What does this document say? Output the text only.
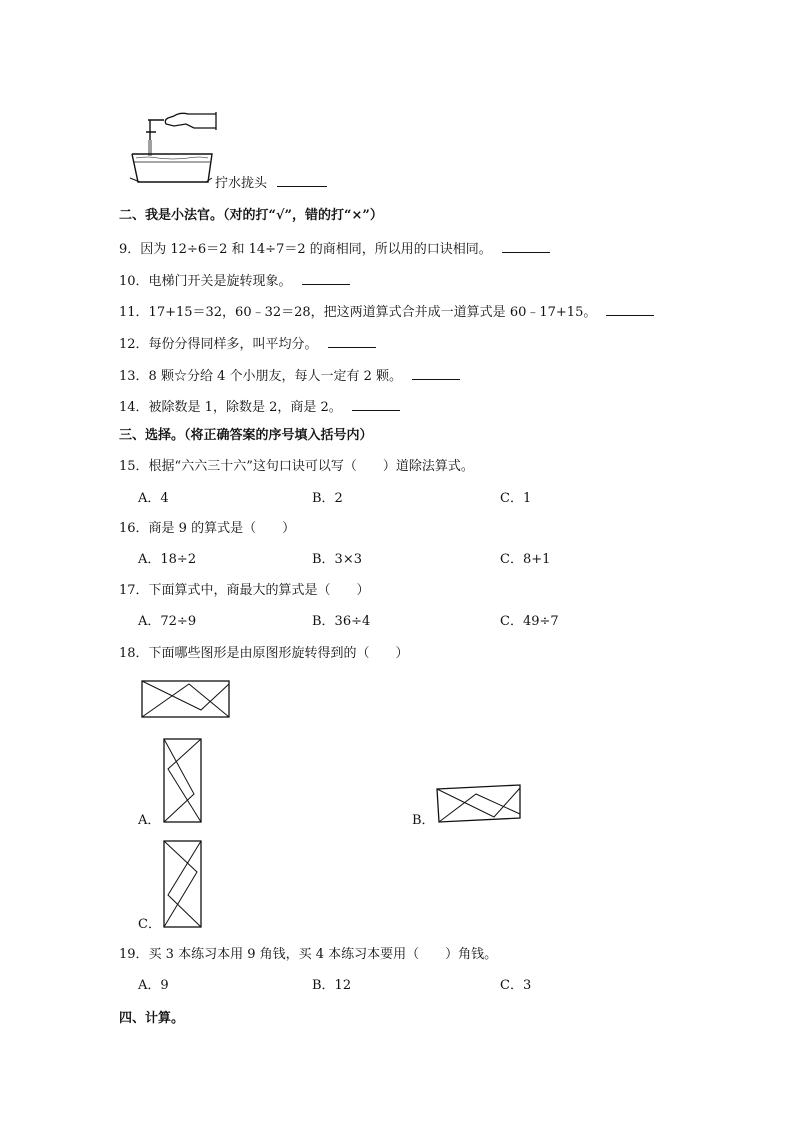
拧水拢头
二、我是小法官。（对的打“√”，错的打“×”）
9．因为 12÷6＝2 和 14÷7＝2 的商相同，所以用的口诀相同。
10．电梯门开关是旋转现象。
11．17+15＝32，60﹣32＝28，把这两道算式合并成一道算式是 60﹣17+15。
12．每份分得同样多，叫平均分。
13．8 颗☆分给 4 个小朋友，每人一定有 2 颗。
14．被除数是 1，除数是 2，商是 2。
三、选择。（将正确答案的序号填入括号内）
15．根据“六六三十六”这句口诀可以写（　　）道除法算式。
A．4	B．2	C．1
16．商是 9 的算式是（　　）
A．18÷2	B．3×3	C．8+1
17．下面算式中，商最大的算式是（　　）
A．72÷9	B．36÷4	C．49÷7
18．下面哪些图形是由原图形旋转得到的（　　）
A．	B．
C．
19．买 3 本练习本用 9 角钱，买 4 本练习本要用（　　）角钱。
A．9	B．12	C．3
四、计算。
